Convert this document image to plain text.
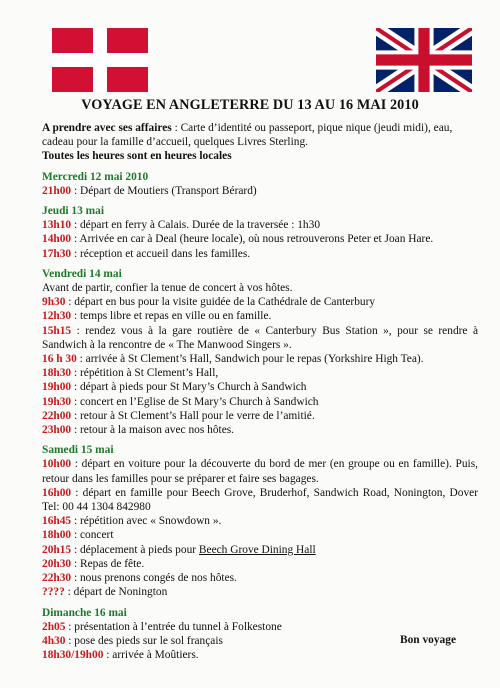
VOYAGE EN ANGLETERRE DU 13 AU 16 MAI 2010

A prendre avec ses affaires : Carte d’identité ou passeport, pique nique (jeudi midi), eau, cadeau pour la famille d’accueil, quelques Livres Sterling.
Toutes les heures sont en heures locales

Mercredi 12 mai 2010
21h00 : Départ de Moutiers (Transport Bérard)
Jeudi 13 mai
13h10 : départ en ferry à Calais. Durée de la traversée : 1h30
14h00 : Arrivée en car à Deal (heure locale), où nous retrouverons Peter et Joan Hare.
17h30 : réception et accueil dans les familles.
Vendredi 14 mai
Avant de partir, confier la tenue de concert à vos hôtes.
9h30 : départ en bus pour la visite guidée de la Cathédrale de Canterbury
12h30 : temps libre et repas en ville ou en famille.
15h15 : rendez vous à la gare routière de « Canterbury Bus Station », pour se rendre à Sandwich à la rencontre de « The Manwood Singers ».
16 h 30 : arrivée à St Clement’s Hall, Sandwich pour le repas (Yorkshire High Tea).
18h30 : répétition à St Clement’s Hall,
19h00 : départ à pieds pour St Mary’s Church à Sandwich
19h30 : concert en l’Eglise de St Mary’s Church à Sandwich
22h00 : retour à St Clement’s Hall pour le verre de l’amitié.
23h00 : retour à la maison avec nos hôtes.
Samedi 15 mai
10h00 : départ en voiture pour la découverte du bord de mer (en groupe ou en famille). Puis, retour dans les familles pour se préparer et faire ses bagages.
16h00 : départ en famille pour Beech Grove, Bruderhof, Sandwich Road, Nonington, Dover Tel: 00 44 1304 842980
16h45 : répétition avec « Snowdown ».
18h00 : concert
20h15 : déplacement à pieds pour Beech Grove Dining Hall
20h30 : Repas de fête.
22h30 : nous prenons congés de nos hôtes.
???? : départ de Nonington
Dimanche 16 mai
2h05 : présentation à l’entrée du tunnel à Folkestone
4h30 : pose des pieds sur le sol français
18h30/19h00 : arrivée à Moûtiers.
Bon voyage
